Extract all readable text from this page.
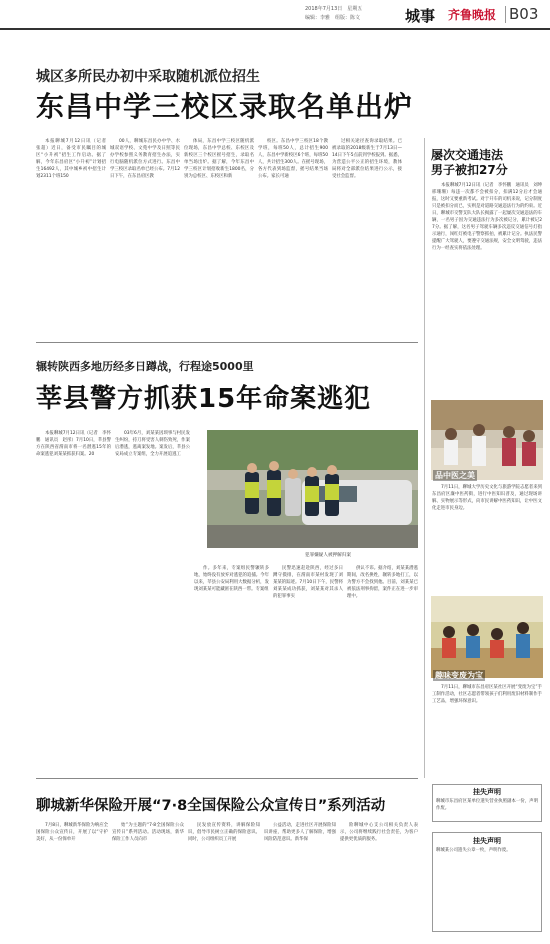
2018年7月13日　星期五
编辑：李雅　组版：陈文	城事 齐鲁晚报 B03
城区多所民办初中采取随机派位招生
东昌中学三校区录取名单出炉

本报聊城7月12日讯（记者　张超）近日，备受市民瞩目的城区“小升初”招生工作启动。据了解，今年东昌府区“小升初”计划招生16492人，其中城乡初中招生计划2311个班150

00人，聊城东昌民办中学、水城双语学校、文苑中学及日照等民办学校参照义务教育招生办法，实行电脑随机派位方式进行。东昌中学三校区录取名单已经公布。7月12日下午，在东昌府区教

体局，东昌中学三校区随机派位现场，东昌中学总校、东校区及新校区三个校区摇号招生，录取名单当场出炉。据了解，今年东昌中学三校区计划招收新生1800名，分别为总校区、东校区和新

校区。东昌中学三校区18个教学班，每班50人，总计招生900人，东昌中学新校区6个班，每班50人，共计招生300人。在摇号现场，各方代表到场监督，摇号结果当场公布。家长可通

过相关途径查询录取结果。已被录取的2018级新生于7月13日—14日下午5点前到学校报到。据悉，为营造公平公正的招生环境，教体局将对全部派位结果进行公示，接受社会监督。

屡次交通违法
男子被扣27分

本报聊城7月12日讯（记者　李怀鹏　通讯员　刘坤　邢珊珊）每违一次都不会被扣分，扣满12分后才会通报，这时又要重新考试。对于开车的司机来说，记分制度只是被扣分而已，实则是对道路交通违法行为的约束。近日，聊城市交警支队大队长揭露了一起屡次交通违法的车辆，一名男子因为交通违法行为多次被记分，累计被记27分。据了解，这名男子驾驶车辆多次违反交通信号灯指示通行，闯红灯被电子警察抓拍，被累计记分。执法民警提醒广大驾驶人，要遵守交通法规，安全文明驾驶，违法行为一经查实将依法处理。

辗转陕西多地历经多日蹲战，行程途5000里
莘县警方抓获15年命案逃犯

本报聊城7月12日讯（记者　李怀鹏　通讯员　赵彤）7月10日，莘县警方在陕西省渭南市将一名潜逃15年的命案逃犯刘某某抓获归案。20

03年6月，刘某某因琐事与村民发生纠纷，持刀将受害人刺伤致死，作案后潜逃，逃离案发地。案发后，莘县公安局成立专案组，全力开展追逃工

作。多年来，专案组民警辗转多地，始终没有放弃对逃犯的追捕。今年以来，莘县公安局利用大数据分析，发现刘某某可能藏匿在陕西一带。专案组

民警迅速赶赴陕西，经过多日蹲守摸排，在渭南市某村发现了刘某某的踪迹。7月10日下午，民警将刘某某成功抓获，刘某某对其杀人的犯罪事实

供认不讳。据介绍，刘某某潜逃期间，改名换姓，辗转多地打工，以为警方不会找到他。目前，刘某某已被依法刑事拘留，案件正在进一步审理中。

犯罪嫌疑人被押解归案
品中医之美

7月11日，聊城大学历史文化与旅游学院志愿者来到东昌府区廉中医药街，进行中医知识普及，通过现场讲解、实物展示等形式，向市民讲解中医药知识，让中医文化走进市民身边。

趣味变废为宝

7月11日，聊城市东昌府区某社区开展“变废为宝”手工制作活动，社区志愿者带领孩子们利用废旧材料制作手工艺品，增强环保意识。

挂失声明
聊城市东昌府区某单位遗失营业执照副本一份，声明作废。
聊城新华保险开展“7·8全国保险公众宣传日”系列活动

7月8日，聊城新华保险为响应全国保险公众宣传日，开展了以“守护美好，从一份保单开

始”为主题的“7·8全国保险公众宣传日”系列活动。活动现场，新华保险工作人员向市

民发放宣传资料，讲解保险知识，倡导市民树立正确的保险意识。同时，公司组织员工开展

公益活动，走进社区开展保险知识讲座，帮助更多人了解保险，增强风险防范意识。新华保

险聊城中心支公司相关负责人表示，公司将继续践行社会责任，为客户提供更优质的服务。	挂失声明
聊城某公司遗失公章一枚，声明作废。
